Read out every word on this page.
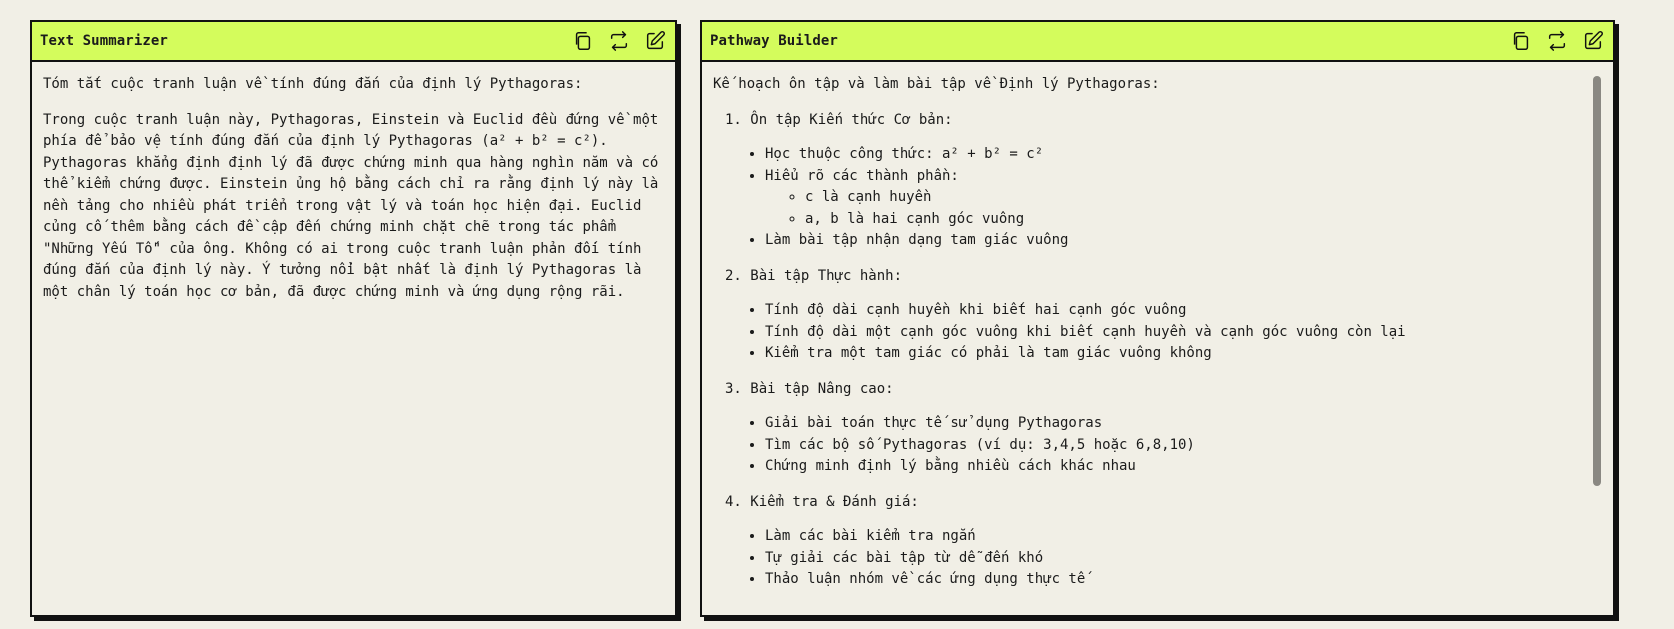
Text Summarizer

Tóm tắt cuộc tranh luận về tính đúng đắn của định lý Pythagoras:

Trong cuộc tranh luận này, Pythagoras, Einstein và Euclid đều đứng về một phía để bảo vệ tính đúng đắn của định lý Pythagoras (a² + b² = c²). Pythagoras khẳng định định lý đã được chứng minh qua hàng nghìn năm và có thể kiểm chứng được. Einstein ủng hộ bằng cách chỉ ra rằng định lý này là nền tảng cho nhiều phát triển trong vật lý và toán học hiện đại. Euclid củng cố thêm bằng cách đề cập đến chứng minh chặt chẽ trong tác phẩm "Những Yếu Tố" của ông. Không có ai trong cuộc tranh luận phản đối tính đúng đắn của định lý này. Ý tưởng nổi bật nhất là định lý Pythagoras là một chân lý toán học cơ bản, đã được chứng minh và ứng dụng rộng rãi.

Pathway Builder

Kế hoạch ôn tập và làm bài tập về Định lý Pythagoras:

1. Ôn tập Kiến thức Cơ bản:
• Học thuộc công thức: a² + b² = c²
• Hiểu rõ các thành phần:
◦ c là cạnh huyền
◦ a, b là hai cạnh góc vuông
• Làm bài tập nhận dạng tam giác vuông
2. Bài tập Thực hành:
• Tính độ dài cạnh huyền khi biết hai cạnh góc vuông
• Tính độ dài một cạnh góc vuông khi biết cạnh huyền và cạnh góc vuông còn lại
• Kiểm tra một tam giác có phải là tam giác vuông không
3. Bài tập Nâng cao:
• Giải bài toán thực tế sử dụng Pythagoras
• Tìm các bộ số Pythagoras (ví dụ: 3,4,5 hoặc 6,8,10)
• Chứng minh định lý bằng nhiều cách khác nhau
4. Kiểm tra & Đánh giá:
• Làm các bài kiểm tra ngắn
• Tự giải các bài tập từ dễ đến khó
• Thảo luận nhóm về các ứng dụng thực tế
